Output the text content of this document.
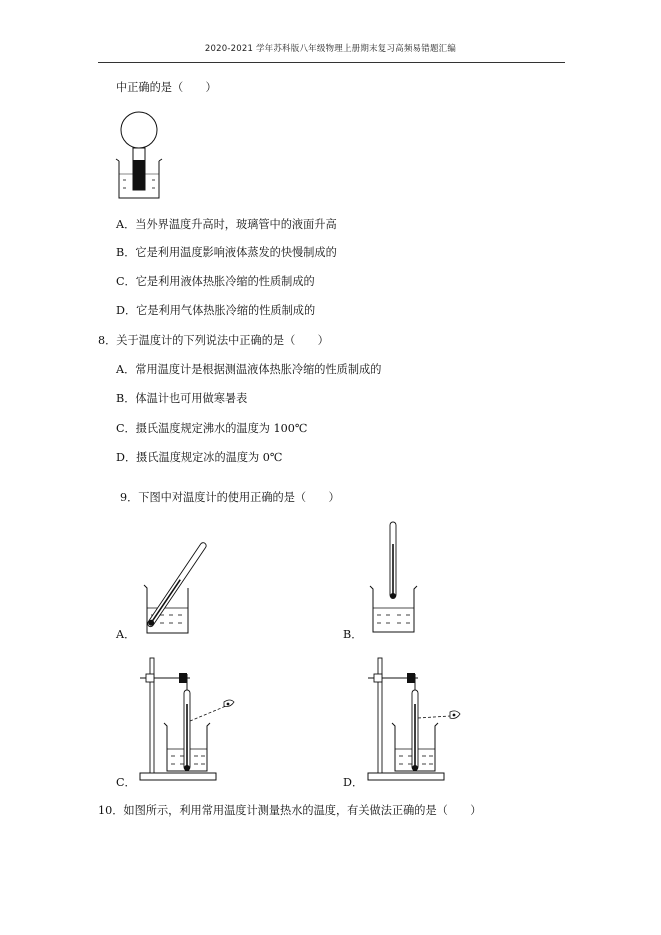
2020-2021 学年苏科版八年级物理上册期末复习高频易错题汇编
中正确的是（　　）
A．当外界温度升高时，玻璃管中的液面升高
B．它是利用温度影响液体蒸发的快慢制成的
C．它是利用液体热胀冷缩的性质制成的
D．它是利用气体热胀冷缩的性质制成的
8．关于温度计的下列说法中正确的是（　　）
A．常用温度计是根据测温液体热胀冷缩的性质制成的
B．体温计也可用做寒暑表
C．摄氏温度规定沸水的温度为 100℃
D．摄氏温度规定冰的温度为 0℃
9．下图中对温度计的使用正确的是（　　）
A．	B．
C．	D．
10．如图所示，利用常用温度计测量热水的温度，有关做法正确的是（　　）
